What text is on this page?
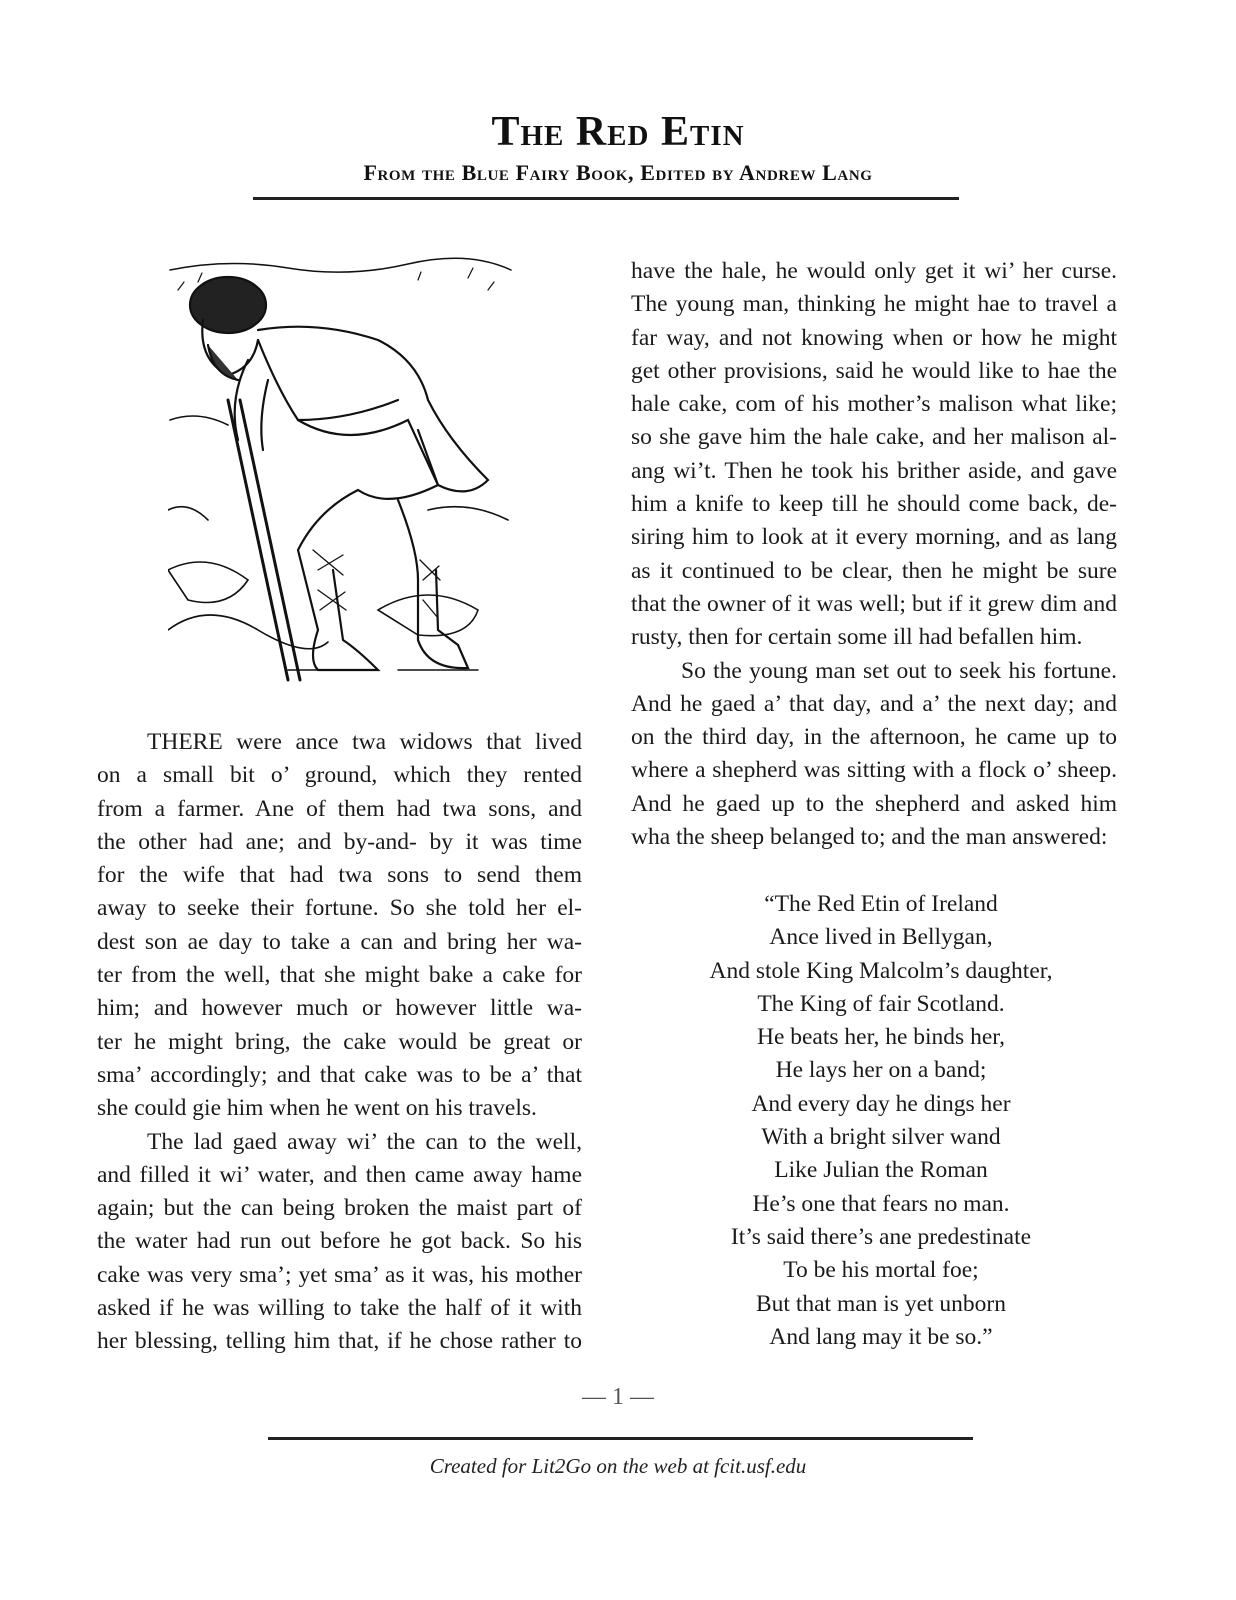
The Red Etin
From the Blue Fairy Book, Edited by Andrew Lang
THERE were ance twa widows that lived
on a small bit o’ ground, which they rented
from a farmer. Ane of them had twa sons, and
the other had ane; and by-and- by it was time
for the wife that had twa sons to send them
away to seeke their fortune. So she told her el-
dest son ae day to take a can and bring her wa-
ter from the well, that she might bake a cake for
him; and however much or however little wa-
ter he might bring, the cake would be great or
sma’ accordingly; and that cake was to be a’ that
she could gie him when he went on his travels.
The lad gaed away wi’ the can to the well,
and filled it wi’ water, and then came away hame
again; but the can being broken the maist part of
the water had run out before he got back. So his
cake was very sma’; yet sma’ as it was, his mother
asked if he was willing to take the half of it with
her blessing, telling him that, if he chose rather to
have the hale, he would only get it wi’ her curse.
The young man, thinking he might hae to travel a
far way, and not knowing when or how he might
get other provisions, said he would like to hae the
hale cake, com of his mother’s malison what like;
so she gave him the hale cake, and her malison al-
ang wi’t. Then he took his brither aside, and gave
him a knife to keep till he should come back, de-
siring him to look at it every morning, and as lang
as it continued to be clear, then he might be sure
that the owner of it was well; but if it grew dim and
rusty, then for certain some ill had befallen him.
So the young man set out to seek his fortune.
And he gaed a’ that day, and a’ the next day; and
on the third day, in the afternoon, he came up to
where a shepherd was sitting with a flock o’ sheep.
And he gaed up to the shepherd and asked him
wha the sheep belanged to; and the man answered:
“The Red Etin of Ireland
Ance lived in Bellygan,
And stole King Malcolm’s daughter,
The King of fair Scotland.
He beats her, he binds her,
He lays her on a band;
And every day he dings her
With a bright silver wand
Like Julian the Roman
He’s one that fears no man.
It’s said there’s ane predestinate
To be his mortal foe;
But that man is yet unborn
And lang may it be so.”
— 1 —
Created for Lit2Go on the web at fcit.usf.edu
